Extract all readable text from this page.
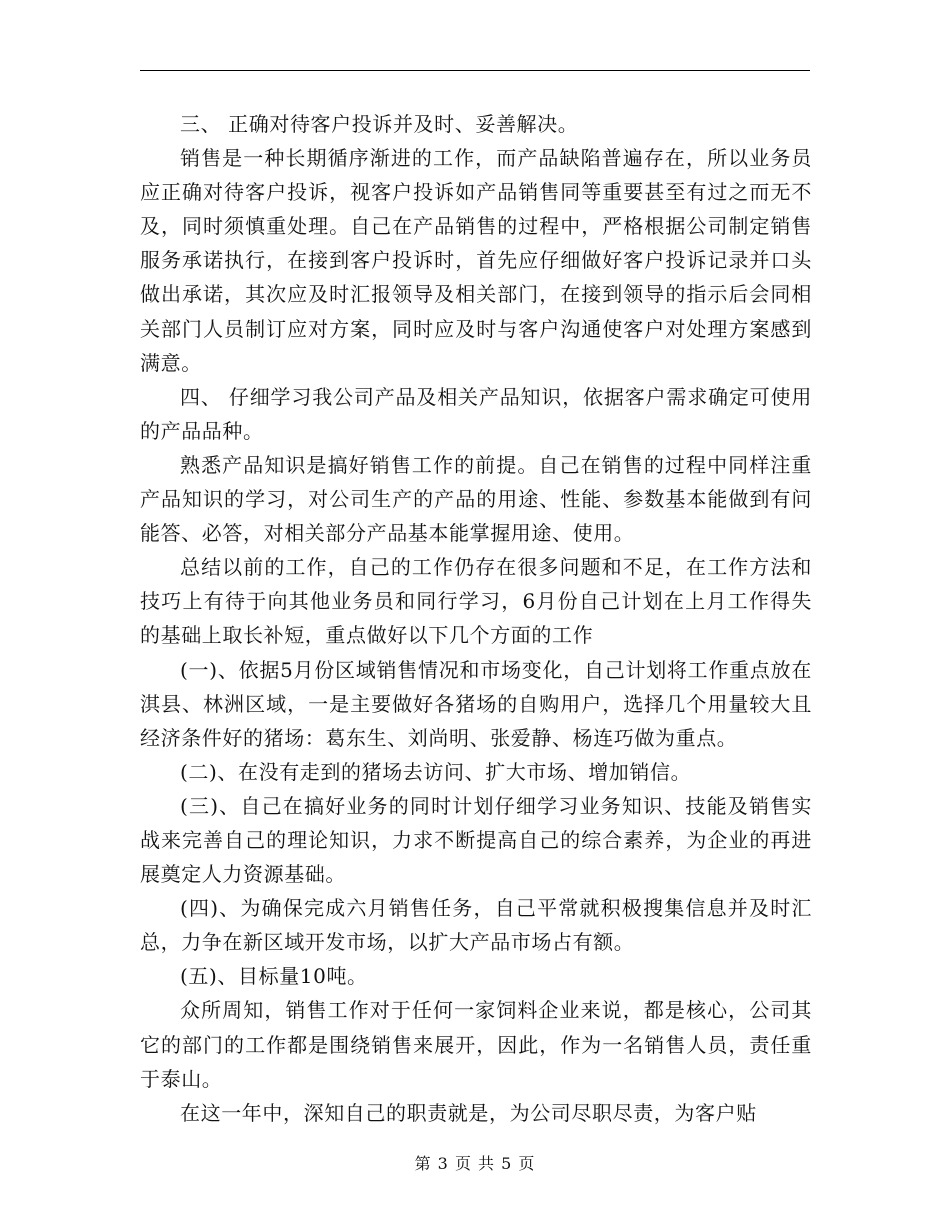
三、 正确对待客户投诉并及时、妥善解决。

销售是一种长期循序渐进的工作，而产品缺陷普遍存在，所以业务员应正确对待客户投诉，视客户投诉如产品销售同等重要甚至有过之而无不及，同时须慎重处理。自己在产品销售的过程中，严格根据公司制定销售服务承诺执行，在接到客户投诉时，首先应仔细做好客户投诉记录并口头做出承诺，其次应及时汇报领导及相关部门，在接到领导的指示后会同相关部门人员制订应对方案，同时应及时与客户沟通使客户对处理方案感到满意。

四、 仔细学习我公司产品及相关产品知识，依据客户需求确定可使用的产品品种。

熟悉产品知识是搞好销售工作的前提。自己在销售的过程中同样注重产品知识的学习，对公司生产的产品的用途、性能、参数基本能做到有问能答、必答，对相关部分产品基本能掌握用途、使用。

总结以前的工作，自己的工作仍存在很多问题和不足，在工作方法和技巧上有待于向其他业务员和同行学习，6月份自己计划在上月工作得失的基础上取长补短，重点做好以下几个方面的工作

(一)、依据5月份区域销售情况和市场变化，自己计划将工作重点放在淇县、林洲区域，一是主要做好各猪场的自购用户，选择几个用量较大且经济条件好的猪场：葛东生、刘尚明、张爱静、杨连巧做为重点。

(二)、在没有走到的猪场去访问、扩大市场、增加销信。

(三)、自己在搞好业务的同时计划仔细学习业务知识、技能及销售实战来完善自己的理论知识，力求不断提高自己的综合素养，为企业的再进展奠定人力资源基础。

(四)、为确保完成六月销售任务，自己平常就积极搜集信息并及时汇总，力争在新区域开发市场，以扩大产品市场占有额。

(五)、目标量10吨。

众所周知，销售工作对于任何一家饲料企业来说，都是核心，公司其它的部门的工作都是围绕销售来展开，因此，作为一名销售人员，责任重于泰山。

在这一年中，深知自己的职责就是，为公司尽职尽责，为客户贴

第 3 页 共 5 页
